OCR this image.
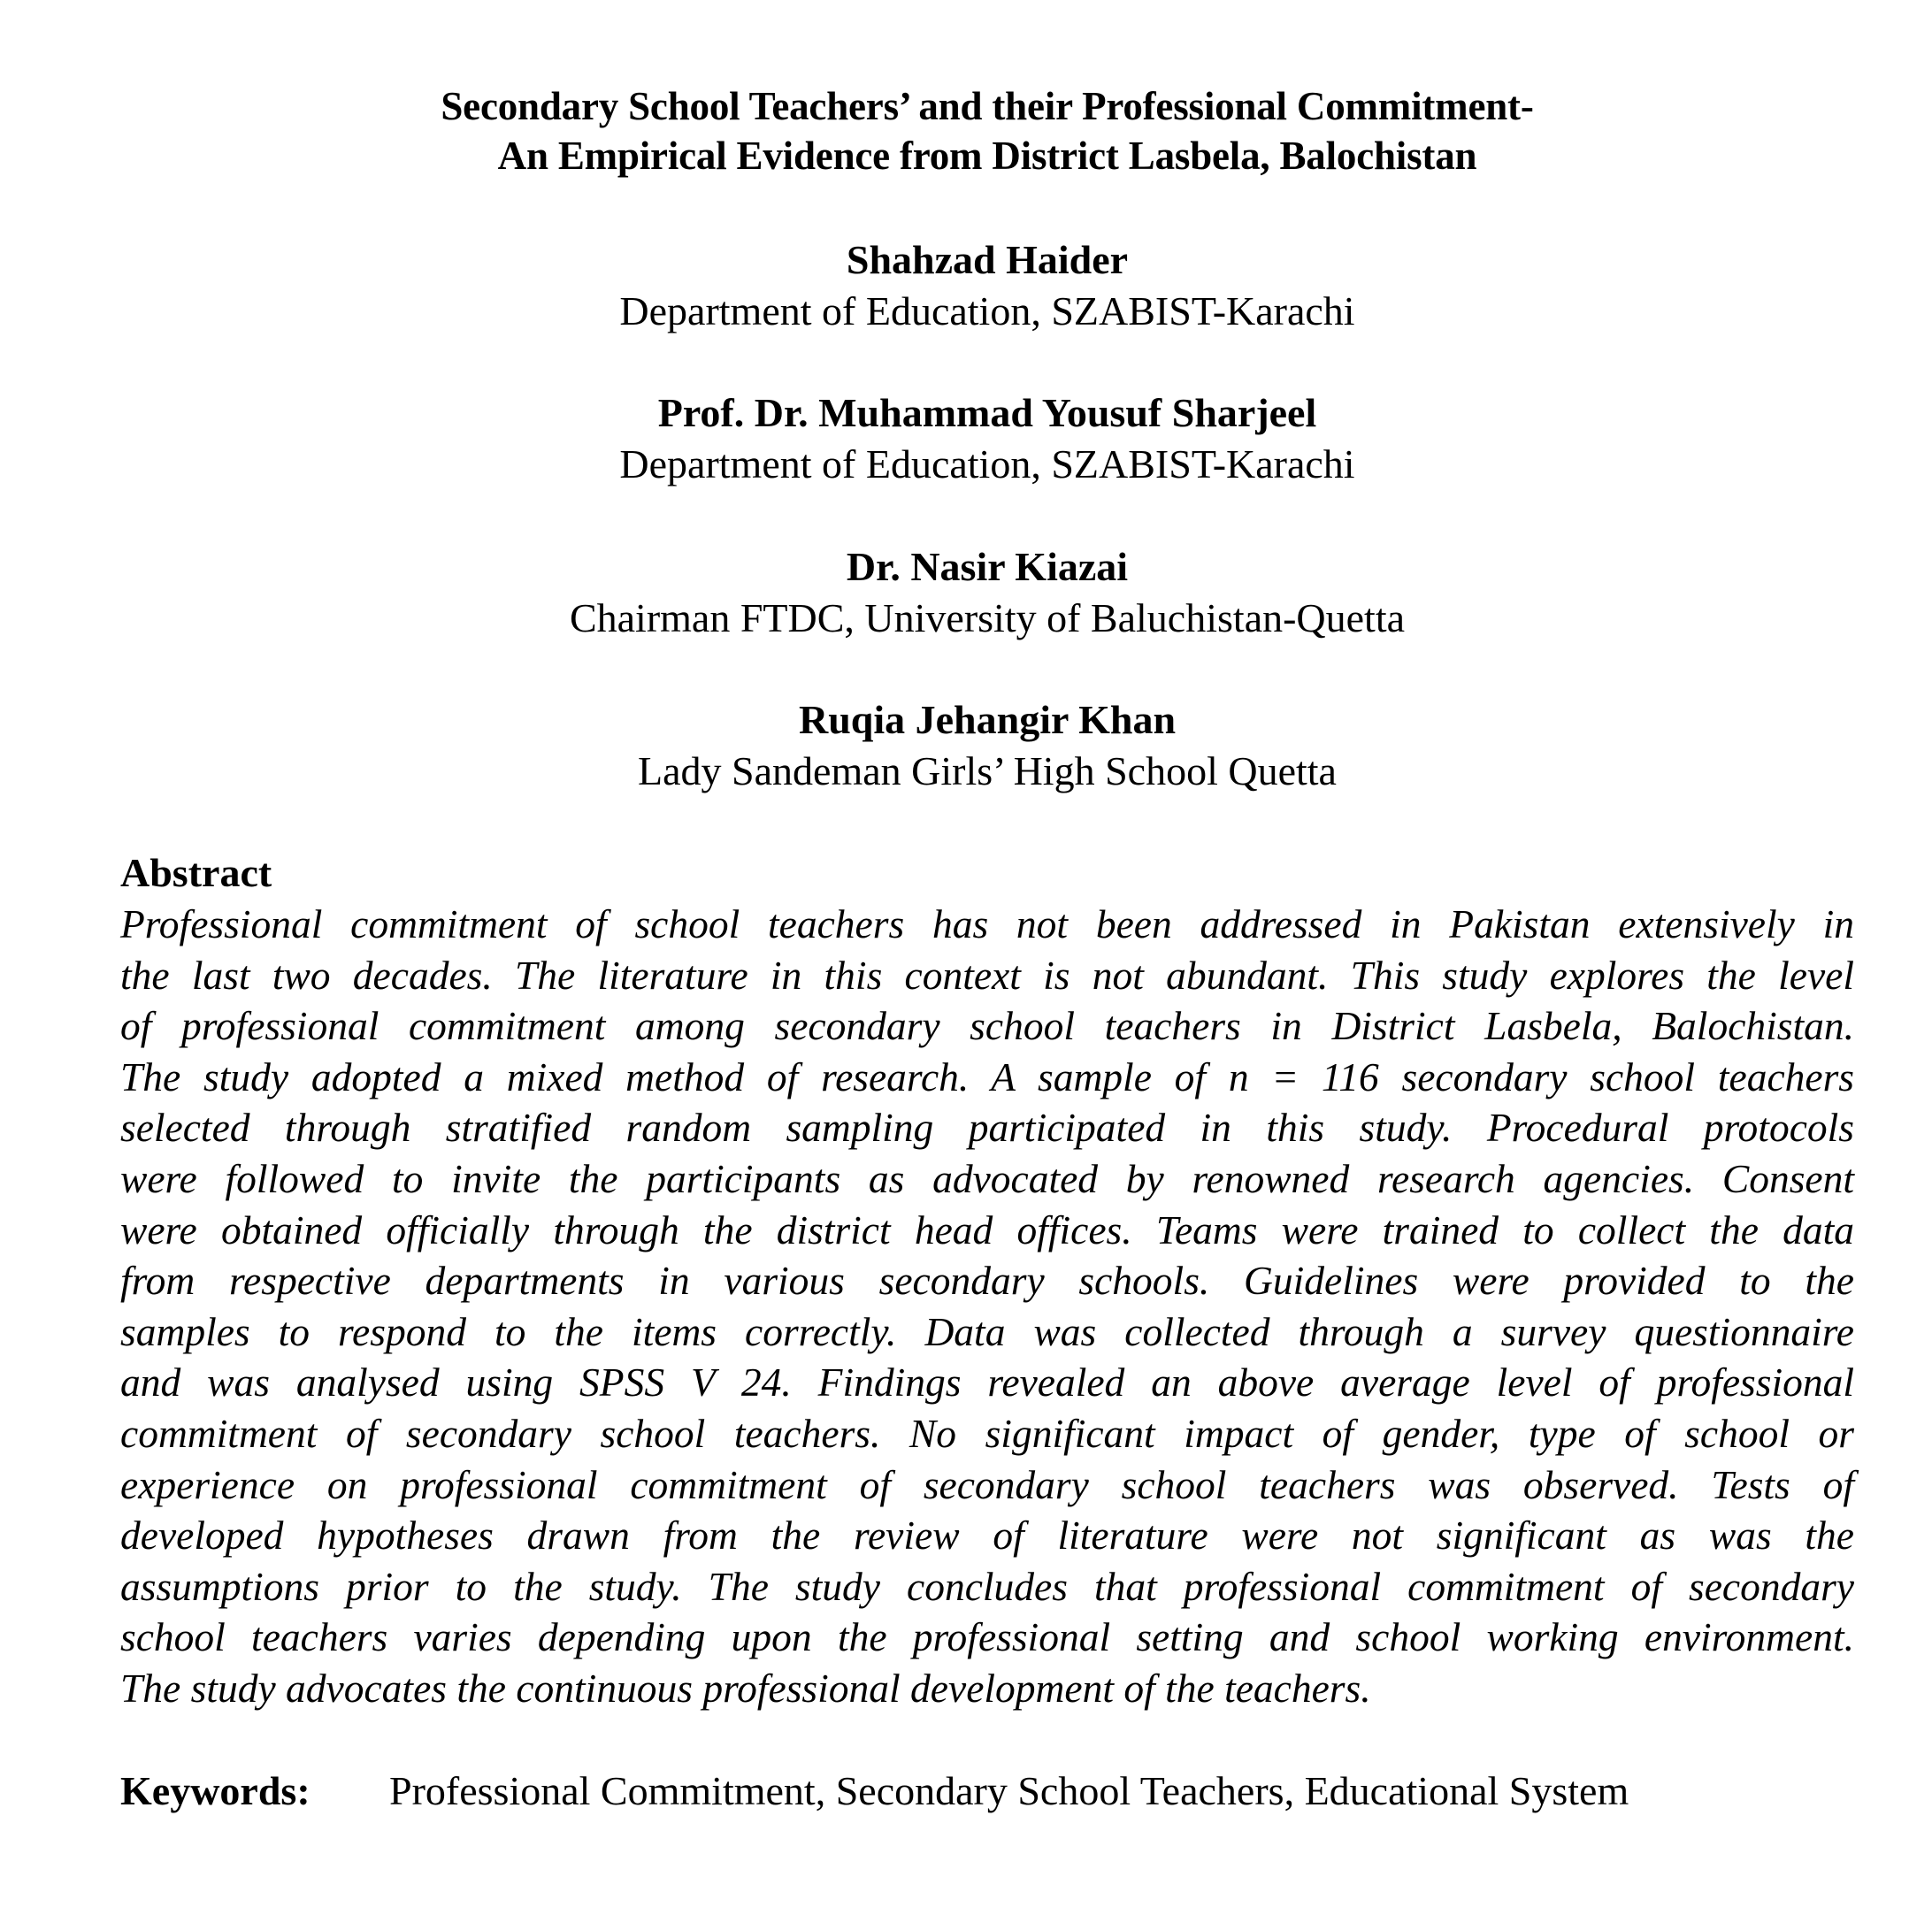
Secondary School Teachers’ and their Professional Commitment-
An Empirical Evidence from District Lasbela, Balochistan
Shahzad Haider
Department of Education, SZABIST-Karachi
Prof. Dr. Muhammad Yousuf Sharjeel
Department of Education, SZABIST-Karachi
Dr. Nasir Kiazai
Chairman FTDC, University of Baluchistan-Quetta
Ruqia Jehangir Khan
Lady Sandeman Girls’ High School Quetta
Abstract
Professional commitment of school teachers has not been addressed in Pakistan extensively in
the last two decades. The literature in this context is not abundant. This study explores the level
of professional commitment among secondary school teachers in District Lasbela, Balochistan.
The study adopted a mixed method of research. A sample of n = 116 secondary school teachers
selected through stratified random sampling participated in this study. Procedural protocols
were followed to invite the participants as advocated by renowned research agencies. Consent
were obtained officially through the district head offices. Teams were trained to collect the data
from respective departments in various secondary schools. Guidelines were provided to the
samples to respond to the items correctly. Data was collected through a survey questionnaire
and was analysed using SPSS V 24. Findings revealed an above average level of professional
commitment of secondary school teachers. No significant impact of gender, type of school or
experience on professional commitment of secondary school teachers was observed. Tests of
developed hypotheses drawn from the review of literature were not significant as was the
assumptions prior to the study. The study concludes that professional commitment of secondary
school teachers varies depending upon the professional setting and school working environment.
The study advocates the continuous professional development of the teachers.
Keywords: Professional Commitment, Secondary School Teachers, Educational System
